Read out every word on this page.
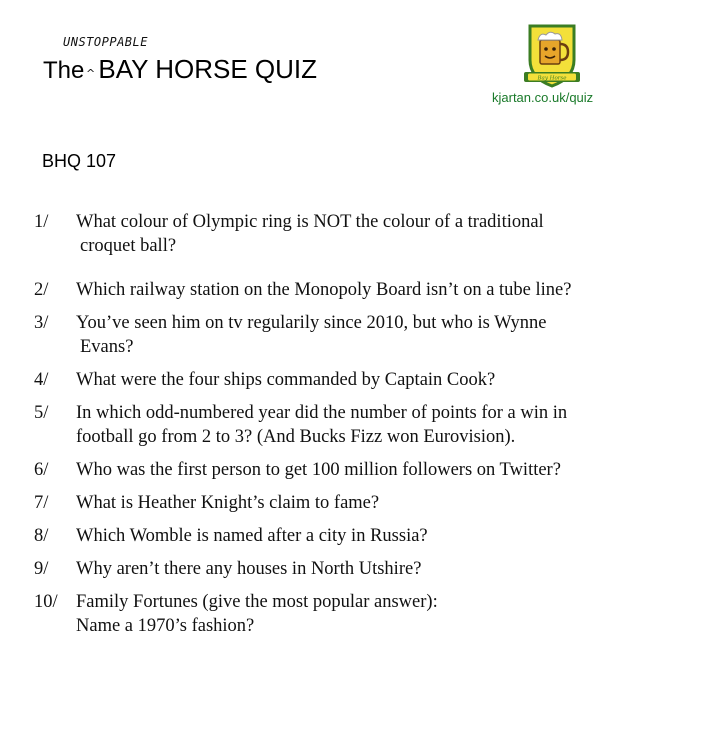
UNSTOPPABLE
^
The BAY HORSE QUIZ	Bay Horse
kjartan.co.uk/quiz
BHQ 107
1/ What colour of Olympic ring is NOT the colour of a traditional
croquet ball?
2/ Which railway station on the Monopoly Board isn’t on a tube line?
3/ You’ve seen him on tv regularily since 2010, but who is Wynne
Evans?
4/ What were the four ships commanded by Captain Cook?
5/ In which odd-numbered year did the number of points for a win in
football go from 2 to 3? (And Bucks Fizz won Eurovision).
6/ Who was the first person to get 100 million followers on Twitter?
7/ What is Heather Knight’s claim to fame?
8/ Which Womble is named after a city in Russia?
9/ Why aren’t there any houses in North Utshire?
10/ Family Fortunes (give the most popular answer):
Name a 1970’s fashion?
